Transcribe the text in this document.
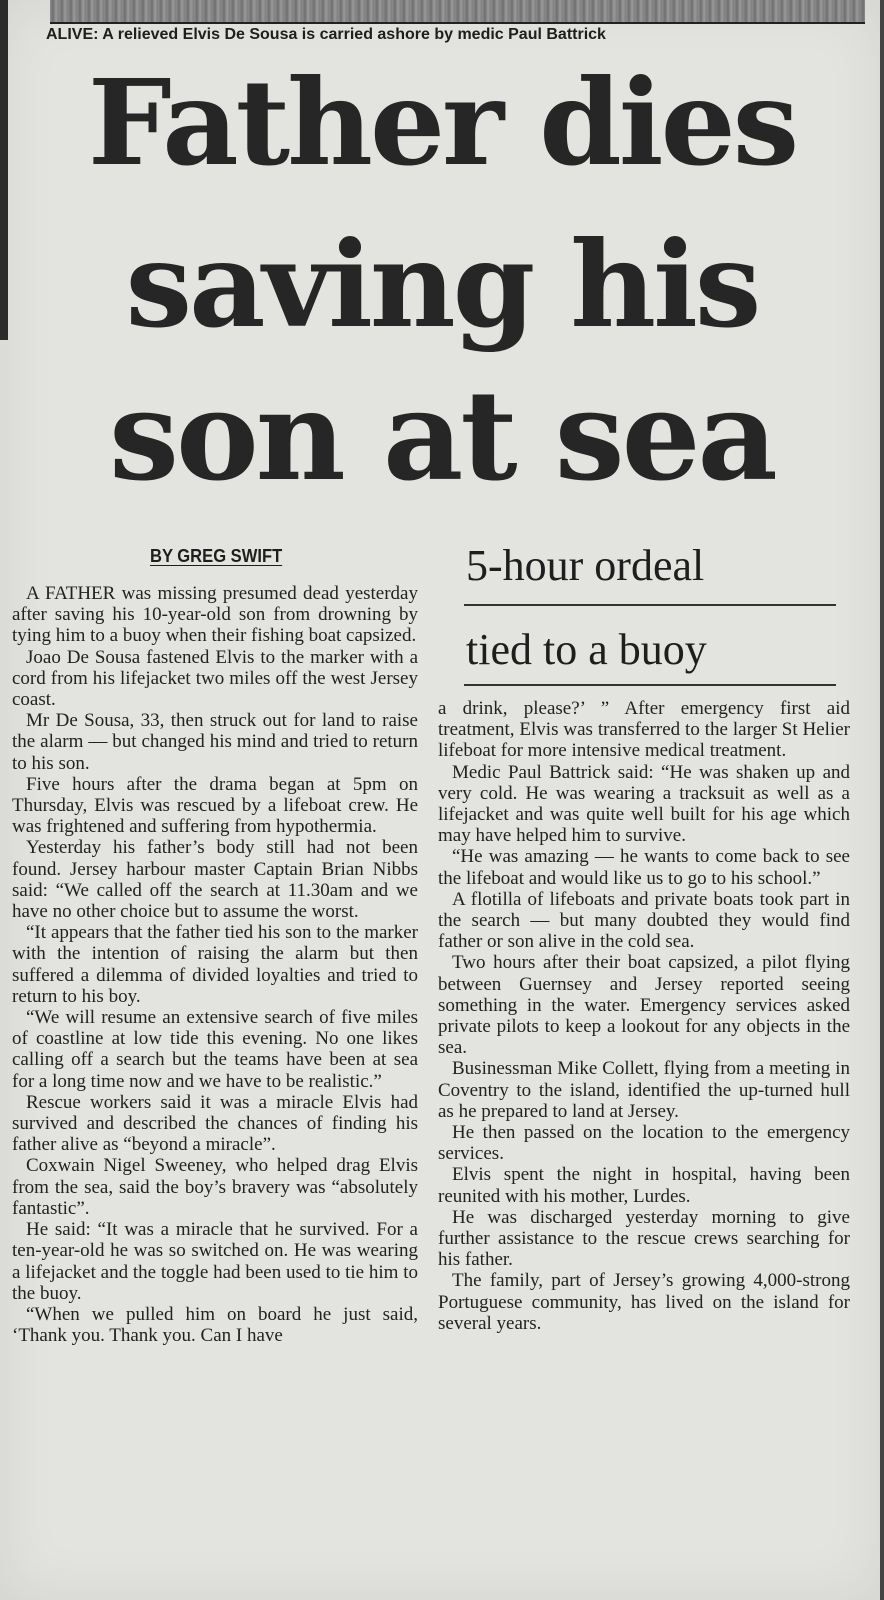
ALIVE: A relieved Elvis De Sousa is carried ashore by medic Paul Battrick
Father dies
saving his
son at sea
BY GREG SWIFT	5-hour ordeal
tied to a buoy

A FATHER was missing presumed dead yesterday after saving his 10-year-old son from drowning by tying him to a buoy when their fishing boat capsized.

Joao De Sousa fastened Elvis to the marker with a cord from his lifejacket two miles off the west Jersey coast.

Mr De Sousa, 33, then struck out for land to raise the alarm — but changed his mind and tried to return to his son.

Five hours after the drama began at 5pm on Thursday, Elvis was rescued by a lifeboat crew. He was frightened and suffering from hypothermia.

Yesterday his father’s body still had not been found. Jersey harbour master Captain Brian Nibbs said: “We called off the search at 11.30am and we have no other choice but to assume the worst.

“It appears that the father tied his son to the marker with the intention of raising the alarm but then suffered a dilemma of divided loyalties and tried to return to his boy.

“We will resume an extensive search of five miles of coastline at low tide this evening. No one likes calling off a search but the teams have been at sea for a long time now and we have to be realistic.”

Rescue workers said it was a miracle Elvis had survived and described the chances of finding his father alive as “beyond a miracle”.

Coxwain Nigel Sweeney, who helped drag Elvis from the sea, said the boy’s bravery was “absolutely fantastic”.

He said: “It was a miracle that he survived. For a ten-year-old he was so switched on. He was wearing a lifejacket and the toggle had been used to tie him to the buoy.

“When we pulled him on board he just said, ‘Thank you. Thank you. Can I have

a drink, please?’ ” After emergency first aid treatment, Elvis was transferred to the larger St Helier lifeboat for more intensive medical treatment.

Medic Paul Battrick said: “He was shaken up and very cold. He was wearing a tracksuit as well as a lifejacket and was quite well built for his age which may have helped him to survive.

“He was amazing — he wants to come back to see the lifeboat and would like us to go to his school.”

A flotilla of lifeboats and private boats took part in the search — but many doubted they would find father or son alive in the cold sea.

Two hours after their boat capsized, a pilot flying between Guernsey and Jersey reported seeing something in the water. Emergency services asked private pilots to keep a lookout for any objects in the sea.

Businessman Mike Collett, flying from a meeting in Coventry to the island, identified the up-turned hull as he prepared to land at Jersey.

He then passed on the location to the emergency services.

Elvis spent the night in hospital, having been reunited with his mother, Lurdes.

He was discharged yesterday morning to give further assistance to the rescue crews searching for his father.

The family, part of Jersey’s growing 4,000-strong Portuguese community, has lived on the island for several years.
